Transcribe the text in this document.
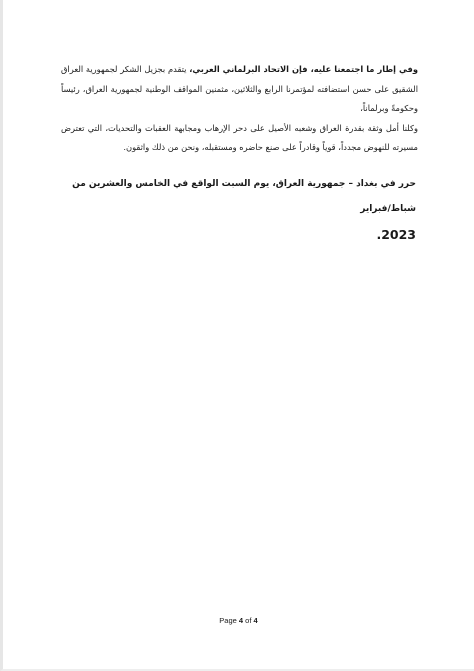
وفي إطار ما اجتمعنا عليه، فإن الاتحاد البرلماني العربي، يتقدم بجزيل الشكر لجمهورية العراق الشقيق على حسن استضافته لمؤتمرنا الرابع والثلاثين، مثمنين المواقف الوطنية لجمهورية العراق، رئيساً وحكومةً وبرلماناً،

وكلنا أمل وثقة بقدرة العراق وشعبه الأصيل على دحر الإرهاب ومجابهة العقبات والتحديات، التي تعترض مسيرته للنهوض مجدداً، قوياً وقادراً على صنع حاضره ومستقبله، ونحن من ذلك واثقون.

حرر في بغداد – جمهورية العراق، يوم السبت الواقع في الخامس والعشرين من شباط/فبراير
2023.
Page 4 of 4
